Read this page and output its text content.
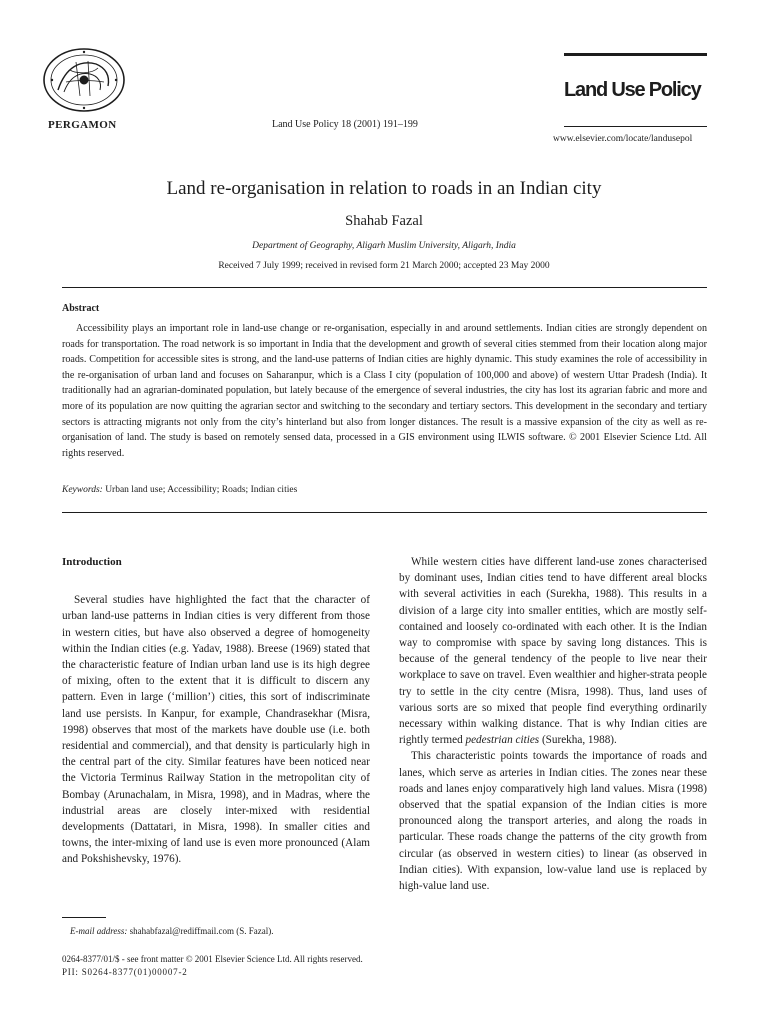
PERGAMON	Land Use Policy 18 (2001) 191–199
Land Use Policy
www.elsevier.com/locate/landusepol
Land re-organisation in relation to roads in an Indian city
Shahab Fazal
Department of Geography, Aligarh Muslim University, Aligarh, India
Received 7 July 1999; received in revised form 21 March 2000; accepted 23 May 2000
Abstract
Accessibility plays an important role in land-use change or re-organisation, especially in and around settlements. Indian cities are strongly dependent on roads for transportation. The road network is so important in India that the development and growth of several cities stemmed from their location along major roads. Competition for accessible sites is strong, and the land-use patterns of Indian cities are highly dynamic. This study examines the role of accessibility in the re-organisation of urban land and focuses on Saharanpur, which is a Class I city (population of 100,000 and above) of western Uttar Pradesh (India). It traditionally had an agrarian-dominated population, but lately because of the emergence of several industries, the city has lost its agrarian fabric and more and more of its population are now quitting the agrarian sector and switching to the secondary and tertiary sectors. This development in the secondary and tertiary sectors is attracting migrants not only from the city’s hinterland but also from longer distances. The result is a massive expansion of the city as well as re-organisation of land. The study is based on remotely sensed data, processed in a GIS environment using ILWIS software. © 2001 Elsevier Science Ltd. All rights reserved.
Keywords: Urban land use; Accessibility; Roads; Indian cities
Introduction

Several studies have highlighted the fact that the character of urban land-use patterns in Indian cities is very different from those in western cities, but have also observed a degree of homogeneity within the Indian cities (e.g. Yadav, 1988). Breese (1969) stated that the characteristic feature of Indian urban land use is its high degree of mixing, often to the extent that it is difficult to discern any pattern. Even in large (‘million’) cities, this sort of indiscriminate land use persists. In Kanpur, for example, Chandrasekhar (Misra, 1998) observes that most of the markets have double use (i.e. both residential and commercial), and that density is particularly high in the central part of the city. Similar features have been noticed near the Victoria Terminus Railway Station in the metropolitan city of Bombay (Arunachalam, in Misra, 1998), and in Madras, where the industrial areas are closely inter-mixed with residential developments (Dattatari, in Misra, 1998). In smaller cities and towns, the inter-mixing of land use is even more pronounced (Alam and Pokshishevsky, 1976).

While western cities have different land-use zones characterised by dominant uses, Indian cities tend to have different areal blocks with several activities in each (Surekha, 1988). This results in a division of a large city into smaller entities, which are mostly self-contained and loosely co-ordinated with each other. It is the Indian way to compromise with space by saving long distances. This is because of the general tendency of the people to live near their workplace to save on travel. Even wealthier and higher-strata people try to settle in the city centre (Misra, 1998). Thus, land uses of various sorts are so mixed that people find everything ordinarily necessary within walking distance. That is why Indian cities are rightly termed pedestrian cities (Surekha, 1988).

This characteristic points towards the importance of roads and lanes, which serve as arteries in Indian cities. The zones near these roads and lanes enjoy comparatively high land values. Misra (1998) observed that the spatial expansion of the Indian cities is more pronounced along the transport arteries, and along the roads in particular. These roads change the patterns of the city growth from circular (as observed in western cities) to linear (as observed in Indian cities). With expansion, low-value land use is replaced by high-value land use.

E-mail address: shahabfazal@rediffmail.com (S. Fazal).
0264-8377/01/$ - see front matter © 2001 Elsevier Science Ltd. All rights reserved.
PII: S0264-8377(01)00007-2
